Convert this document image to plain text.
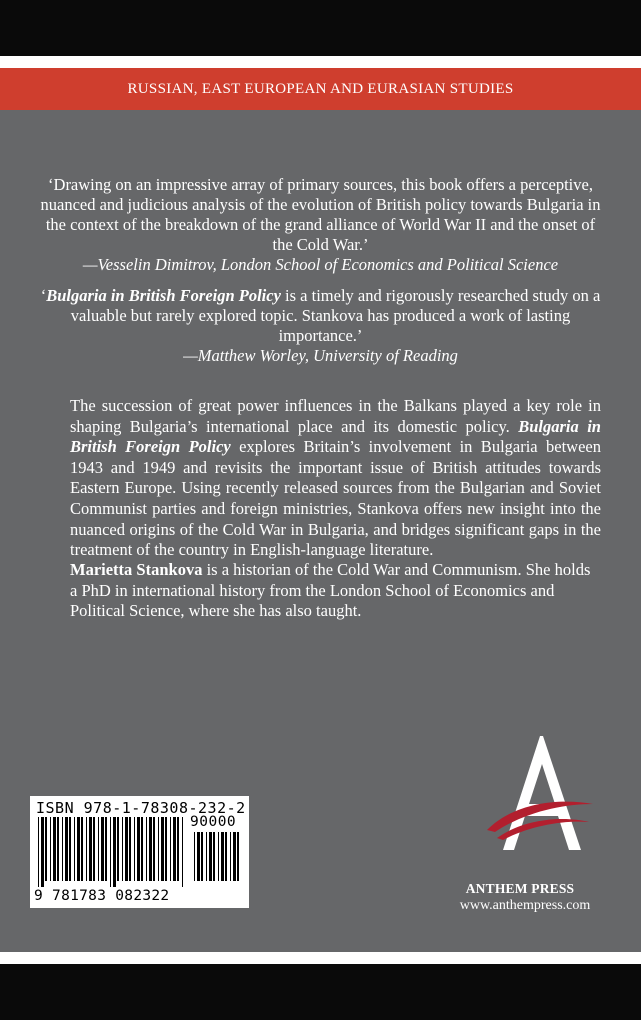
RUSSIAN, EAST EUROPEAN AND EURASIAN STUDIES
‘Drawing on an impressive array of primary sources, this book offers a perceptive, nuanced and judicious analysis of the evolution of British policy towards Bulgaria in the context of the breakdown of the grand alliance of World War II and the onset of the Cold War.’
—Vesselin Dimitrov, London School of Economics and Political Science
‘Bulgaria in British Foreign Policy is a timely and rigorously researched study on a valuable but rarely explored topic. Stankova has produced a work of lasting importance.’
—Matthew Worley, University of Reading
The succession of great power influences in the Balkans played a key role in shaping Bulgaria’s international place and its domestic policy. Bulgaria in British Foreign Policy explores Britain’s involvement in Bulgaria between 1943 and 1949 and revisits the important issue of British attitudes towards Eastern Europe. Using recently released sources from the Bulgarian and Soviet Communist parties and foreign ministries, Stankova offers new insight into the nuanced origins of the Cold War in Bulgaria, and bridges significant gaps in the treatment of the country in English-language literature.
Marietta Stankova is a historian of the Cold War and Communism. She holds a PhD in international history from the London School of Economics and Political Science, where she has also taught.
ISBN 978-1-78308-232-2
90000
9 781783 082322	ANTHEM PRESS
www.anthempress.com
